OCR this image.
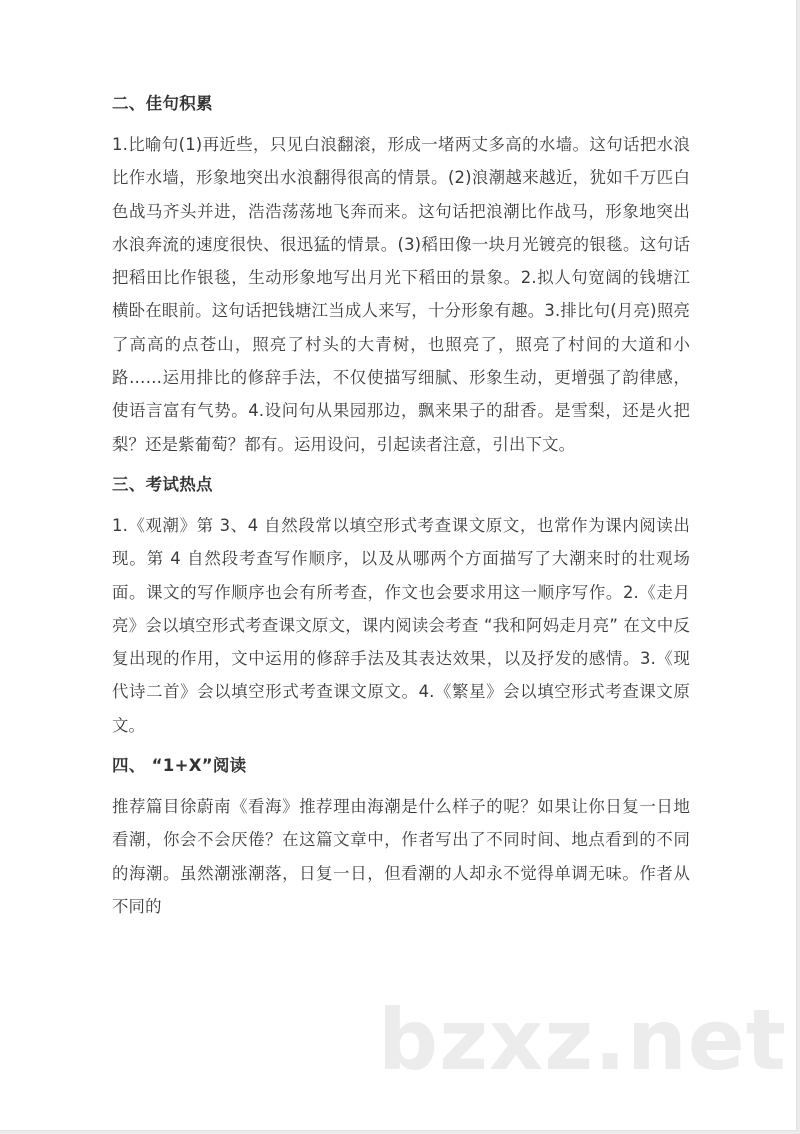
二、佳句积累

1.比喻句(1)再近些，只见白浪翻滚，形成一堵两丈多高的水墙。这句话把水浪比作水墙，形象地突出水浪翻得很高的情景。(2)浪潮越来越近，犹如千万匹白色战马齐头并进，浩浩荡荡地飞奔而来。这句话把浪潮比作战马，形象地突出水浪奔流的速度很快、很迅猛的情景。(3)稻田像一块月光镀亮的银毯。这句话把稻田比作银毯，生动形象地写出月光下稻田的景象。2.拟人句宽阔的钱塘江横卧在眼前。这句话把钱塘江当成人来写，十分形象有趣。3.排比句(月亮)照亮了高高的点苍山，照亮了村头的大青树，也照亮了，照亮了村间的大道和小路……运用排比的修辞手法，不仅使描写细腻、形象生动，更增强了韵律感，使语言富有气势。4.设问句从果园那边，飘来果子的甜香。是雪梨，还是火把梨？还是紫葡萄？都有。运用设问，引起读者注意，引出下文。

三、考试热点

1.《观潮》第 3、4 自然段常以填空形式考查课文原文，也常作为课内阅读出现。第 4 自然段考查写作顺序，以及从哪两个方面描写了大潮来时的壮观场面。课文的写作顺序也会有所考查，作文也会要求用这一顺序写作。2.《走月亮》会以填空形式考查课文原文，课内阅读会考查 “我和阿妈走月亮” 在文中反复出现的作用，文中运用的修辞手法及其表达效果，以及抒发的感情。3.《现代诗二首》会以填空形式考查课文原文。4.《繁星》会以填空形式考查课文原文。

四、 “1+X”阅读

推荐篇目徐蔚南《看海》推荐理由海潮是什么样子的呢？如果让你日复一日地看潮，你会不会厌倦？在这篇文章中，作者写出了不同时间、地点看到的不同的海潮。虽然潮涨潮落，日复一日，但看潮的人却永不觉得单调无味。作者从不同的

bzxz.net
